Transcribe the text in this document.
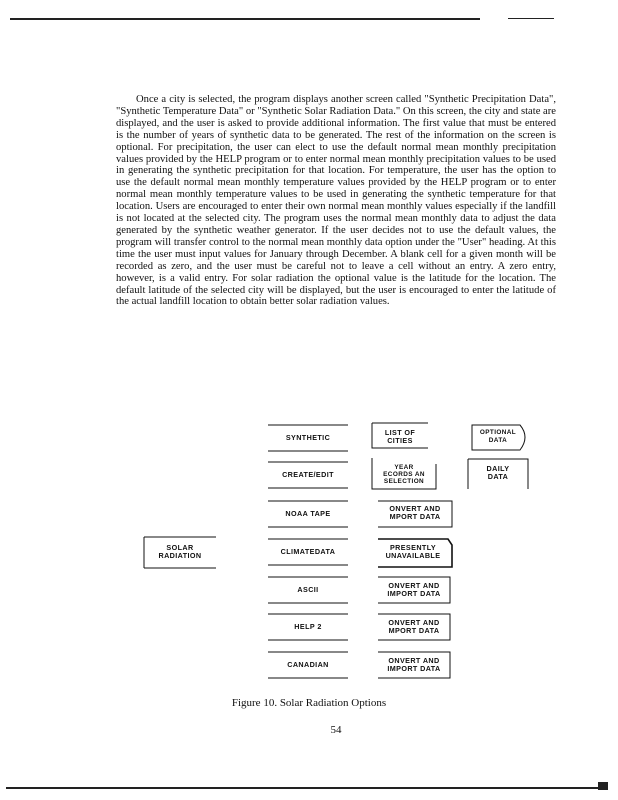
Once a city is selected, the program displays another screen called "Synthetic Precipitation Data", "Synthetic Temperature Data" or "Synthetic Solar Radiation Data." On this screen, the city and state are displayed, and the user is asked to provide additional information. The first value that must be entered is the number of years of synthetic data to be generated. The rest of the information on the screen is optional. For precipitation, the user can elect to use the default normal mean monthly precipitation values provided by the HELP program or to enter normal mean monthly precipitation values to be used in generating the synthetic precipitation for that location. For temperature, the user has the option to use the default normal mean monthly temperature values provided by the HELP program or to enter normal mean monthly temperature values to be used in generating the synthetic temperature for that location. Users are encouraged to enter their own normal mean monthly values especially if the landfill is not located at the selected city. The program uses the normal mean monthly data to adjust the data generated by the synthetic weather generator. If the user decides not to use the default values, the program will transfer control to the normal mean monthly data option under the "User" heading. At this time the user must input values for January through December. A blank cell for a given month will be recorded as zero, and the user must be careful not to leave a cell without an entry. A zero entry, however, is a valid entry. For solar radiation the optional value is the latitude for the location. The default latitude of the selected city will be displayed, but the user is encouraged to enter the latitude of the actual landfill location to obtain better solar radiation values.

SOLAR
RADIATION
SYNTHETIC
CREATE/EDIT
NOAA TAPE
CLIMATEDATA
ASCII
HELP 2
CANADIAN
LIST OF
CITIES
YEAR
ECORDS AN
SELECTION
ONVERT AND
MPORT DATA
PRESENTLY
UNAVAILABLE
ONVERT AND
IMPORT DATA
ONVERT AND
MPORT DATA
ONVERT AND
IMPORT DATA
OPTIONAL
DATA
DAILY
DATA
Figure 10. Solar Radiation Options
54
